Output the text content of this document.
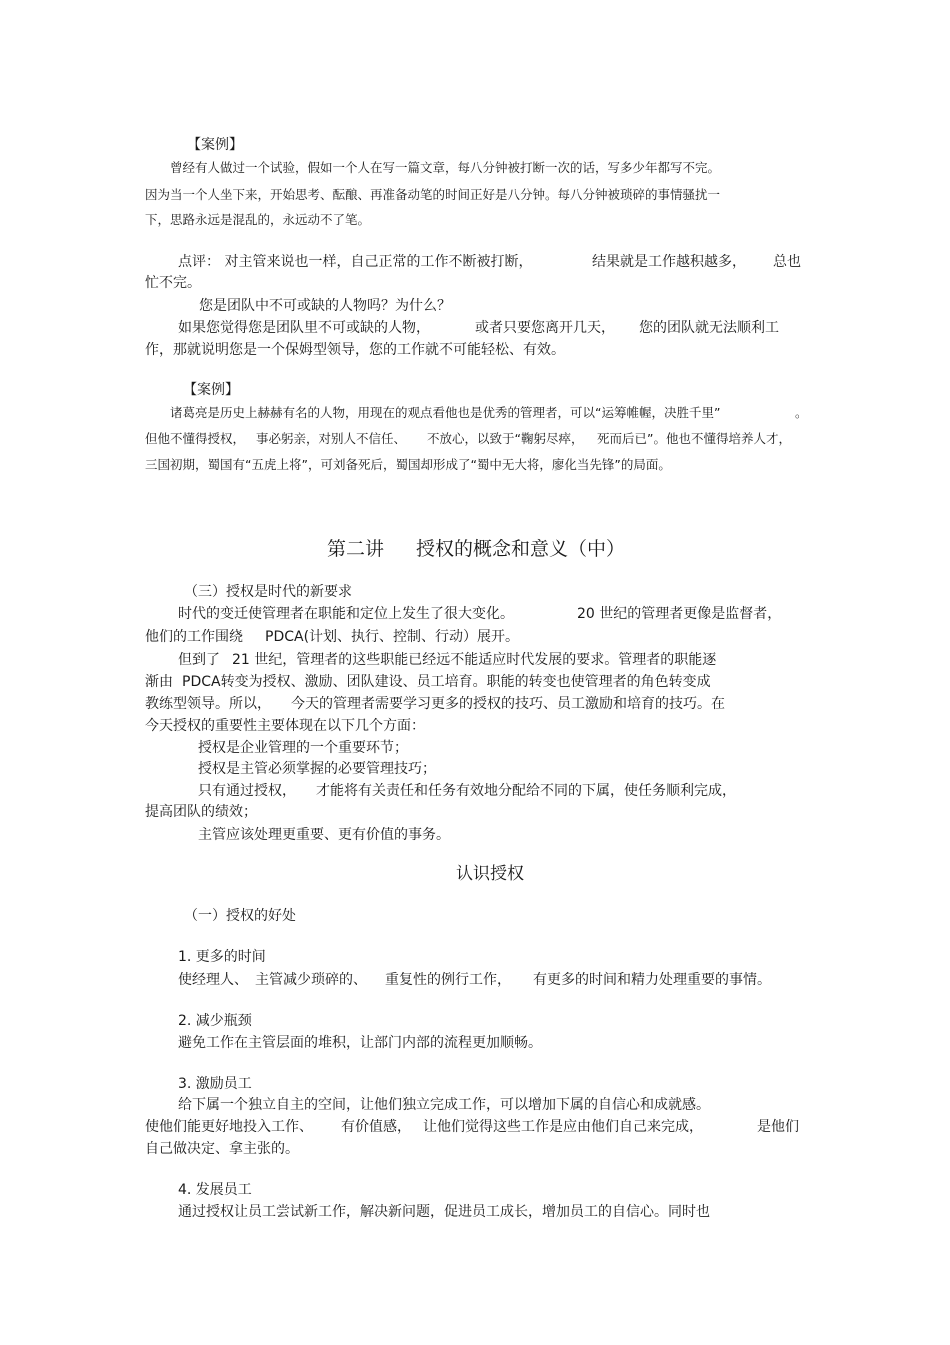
【案例】
曾经有人做过一个试验，假如一个人在写一篇文章，每八分钟被打断一次的话，写多少年都写不完。
因为当一个人坐下来，开始思考、酝酿、再准备动笔的时间正好是八分钟。每八分钟被琐碎的事情骚扰一
下，思路永远是混乱的，永远动不了笔。
点评： 对主管来说也一样，自己正常的工作不断被打断，	结果就是工作越积越多， 总也
忙不完。
您是团队中不可或缺的人物吗？为什么？
如果您觉得您是团队里不可或缺的人物，	或者只要您离开几天， 您的团队就无法顺利工
作，那就说明您是一个保姆型领导，您的工作就不可能轻松、有效。
【案例】
诸葛亮是历史上赫赫有名的人物，用现在的观点看他也是优秀的管理者，可以“运筹帷幄，决胜千里”	。
但他不懂得授权， 事必躬亲，对别人不信任、 不放心，以致于“鞠躬尽瘁， 死而后已”。他也不懂得培养人才，
三国初期，蜀国有“五虎上将”，可刘备死后，蜀国却形成了“蜀中无大将，廖化当先锋”的局面。
第二讲 授权的概念和意义（中）
（三）授权是时代的新要求
时代的变迁使管理者在职能和定位上发生了很大变化。	20 世纪的管理者更像是监督者，
他们的工作围绕 PDCA(计划、执行、控制、行动）展开。
但到了 21 世纪，管理者的这些职能已经远不能适应时代发展的要求。管理者的职能逐
渐由 PDCA转变为授权、激励、团队建设、员工培育。职能的转变也使管理者的角色转变成
教练型领导。所以， 今天的管理者需要学习更多的授权的技巧、员工激励和培育的技巧。在
今天授权的重要性主要体现在以下几个方面：
授权是企业管理的一个重要环节；
授权是主管必须掌握的必要管理技巧；
只有通过授权， 才能将有关责任和任务有效地分配给不同的下属，使任务顺利完成，
提高团队的绩效；
主管应该处理更重要、更有价值的事务。
认识授权
（一）授权的好处
1. 更多的时间
使经理人、 主管减少琐碎的、 重复性的例行工作， 有更多的时间和精力处理重要的事情。
2. 减少瓶颈
避免工作在主管层面的堆积，让部门内部的流程更加顺畅。
3. 激励员工
给下属一个独立自主的空间，让他们独立完成工作，可以增加下属的自信心和成就感。
使他们能更好地投入工作、 有价值感， 让他们觉得这些工作是应由他们自己来完成，	是他们
自己做决定、拿主张的。
4. 发展员工
通过授权让员工尝试新工作，解决新问题，促进员工成长，增加员工的自信心。同时也
